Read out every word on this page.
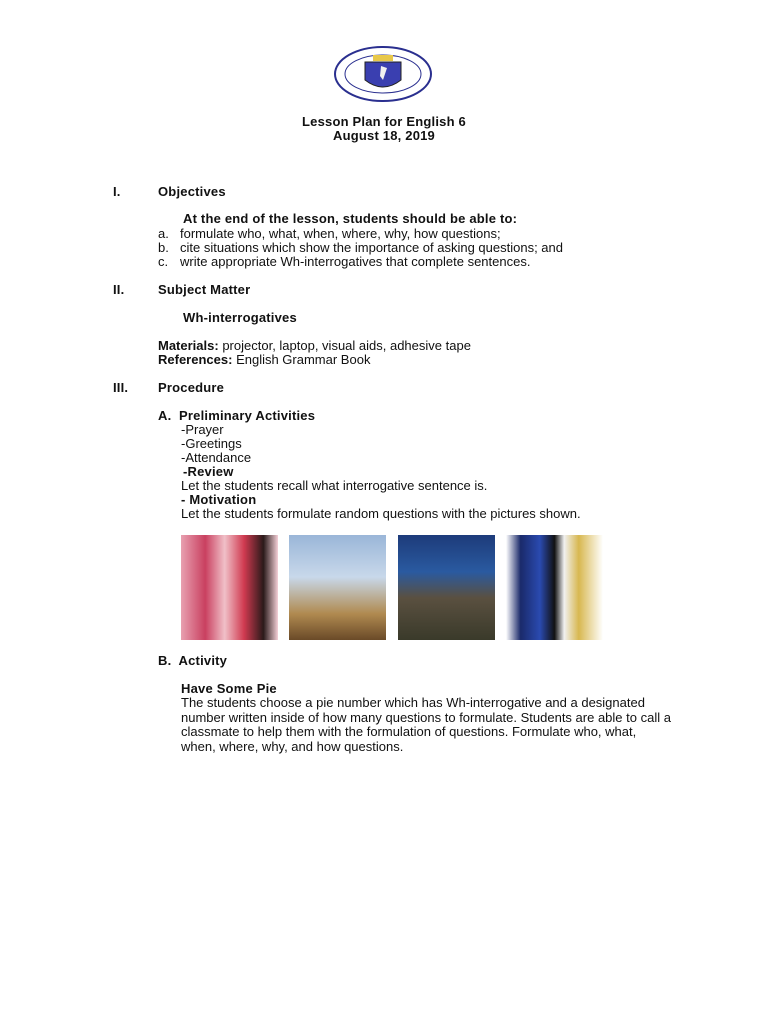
Lesson Plan for English 6
August 18, 2019
I.	Objectives
At the end of the lesson, students should be able to:
a. formulate who, what, when, where, why, how questions;
b. cite situations which show the importance of asking questions; and
c. write appropriate Wh-interrogatives that complete sentences.
II.	Subject Matter
Wh-interrogatives
Materials: projector, laptop, visual aids, adhesive tape
References: English Grammar Book
III. Procedure
A.  Preliminary Activities
-Prayer
-Greetings
-Attendance
-Review
Let the students recall what interrogative sentence is.
- Motivation
Let the students formulate random questions with the pictures shown.
B.  Activity
Have Some Pie
The students choose a pie number which has Wh-interrogative and a designated number written inside of how many questions to formulate. Students are able to call a classmate to help them with the formulation of questions. Formulate who, what, when, where, why, and how questions.
